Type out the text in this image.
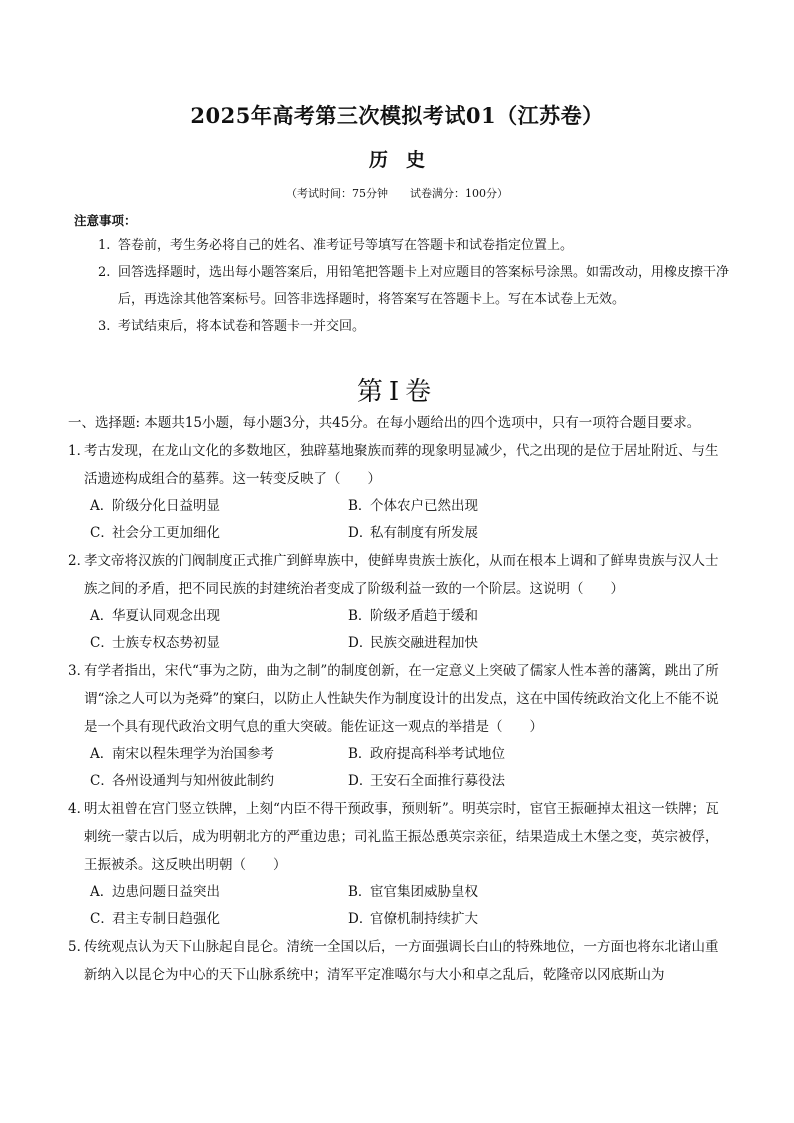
2025年高考第三次模拟考试01（江苏卷）
历史
（考试时间：75分钟　　试卷满分：100分）
注意事项：
1. 答卷前，考生务必将自己的姓名、准考证号等填写在答题卡和试卷指定位置上。
2. 回答选择题时，选出每小题答案后，用铅笔把答题卡上对应题目的答案标号涂黑。如需改动，用橡皮擦干净后，再选涂其他答案标号。回答非选择题时，将答案写在答题卡上。写在本试卷上无效。
3. 考试结束后，将本试卷和答题卡一并交回。
第Ⅰ卷
一、选择题: 本题共15小题，每小题3分，共45分。在每小题给出的四个选项中，只有一项符合题目要求。
1．
考古发现，在龙山文化的多数地区，独辟墓地聚族而葬的现象明显减少，代之出现的是位于居址附近、与生活遗迹构成组合的墓葬。这一转变反映了（　　）
A．阶级分化日益明显	B．个体农户已然出现
C．社会分工更加细化	D．私有制度有所发展
2．
孝文帝将汉族的门阀制度正式推广到鲜卑族中，使鲜卑贵族士族化，从而在根本上调和了鲜卑贵族与汉人士族之间的矛盾，把不同民族的封建统治者变成了阶级利益一致的一个阶层。这说明（　　）
A．华夏认同观念出现	B．阶级矛盾趋于缓和
C．士族专权态势初显	D．民族交融进程加快
3．
有学者指出，宋代“事为之防，曲为之制”的制度创新，在一定意义上突破了儒家人性本善的藩篱，跳出了所谓“涂之人可以为尧舜”的窠臼，以防止人性缺失作为制度设计的出发点，这在中国传统政治文化上不能不说是一个具有现代政治文明气息的重大突破。能佐证这一观点的举措是（　　）
A．南宋以程朱理学为治国参考	B．政府提高科举考试地位
C．各州设通判与知州彼此制约	D．王安石全面推行募役法
4．
明太祖曾在宫门竖立铁牌，上刻“内臣不得干预政事，预则斩”。明英宗时，宦官王振砸掉太祖这一铁牌；瓦剌统一蒙古以后，成为明朝北方的严重边患；司礼监王振怂恿英宗亲征，结果造成土木堡之变，英宗被俘，王振被杀。这反映出明朝（　　）
A．边患问题日益突出	B．宦官集团威胁皇权
C．君主专制日趋强化	D．官僚机制持续扩大
5．
传统观点认为天下山脉起自昆仑。清统一全国以后，一方面强调长白山的特殊地位，一方面也将东北诸山重新纳入以昆仑为中心的天下山脉系统中；清军平定准噶尔与大小和卓之乱后，乾隆帝以冈底斯山为
